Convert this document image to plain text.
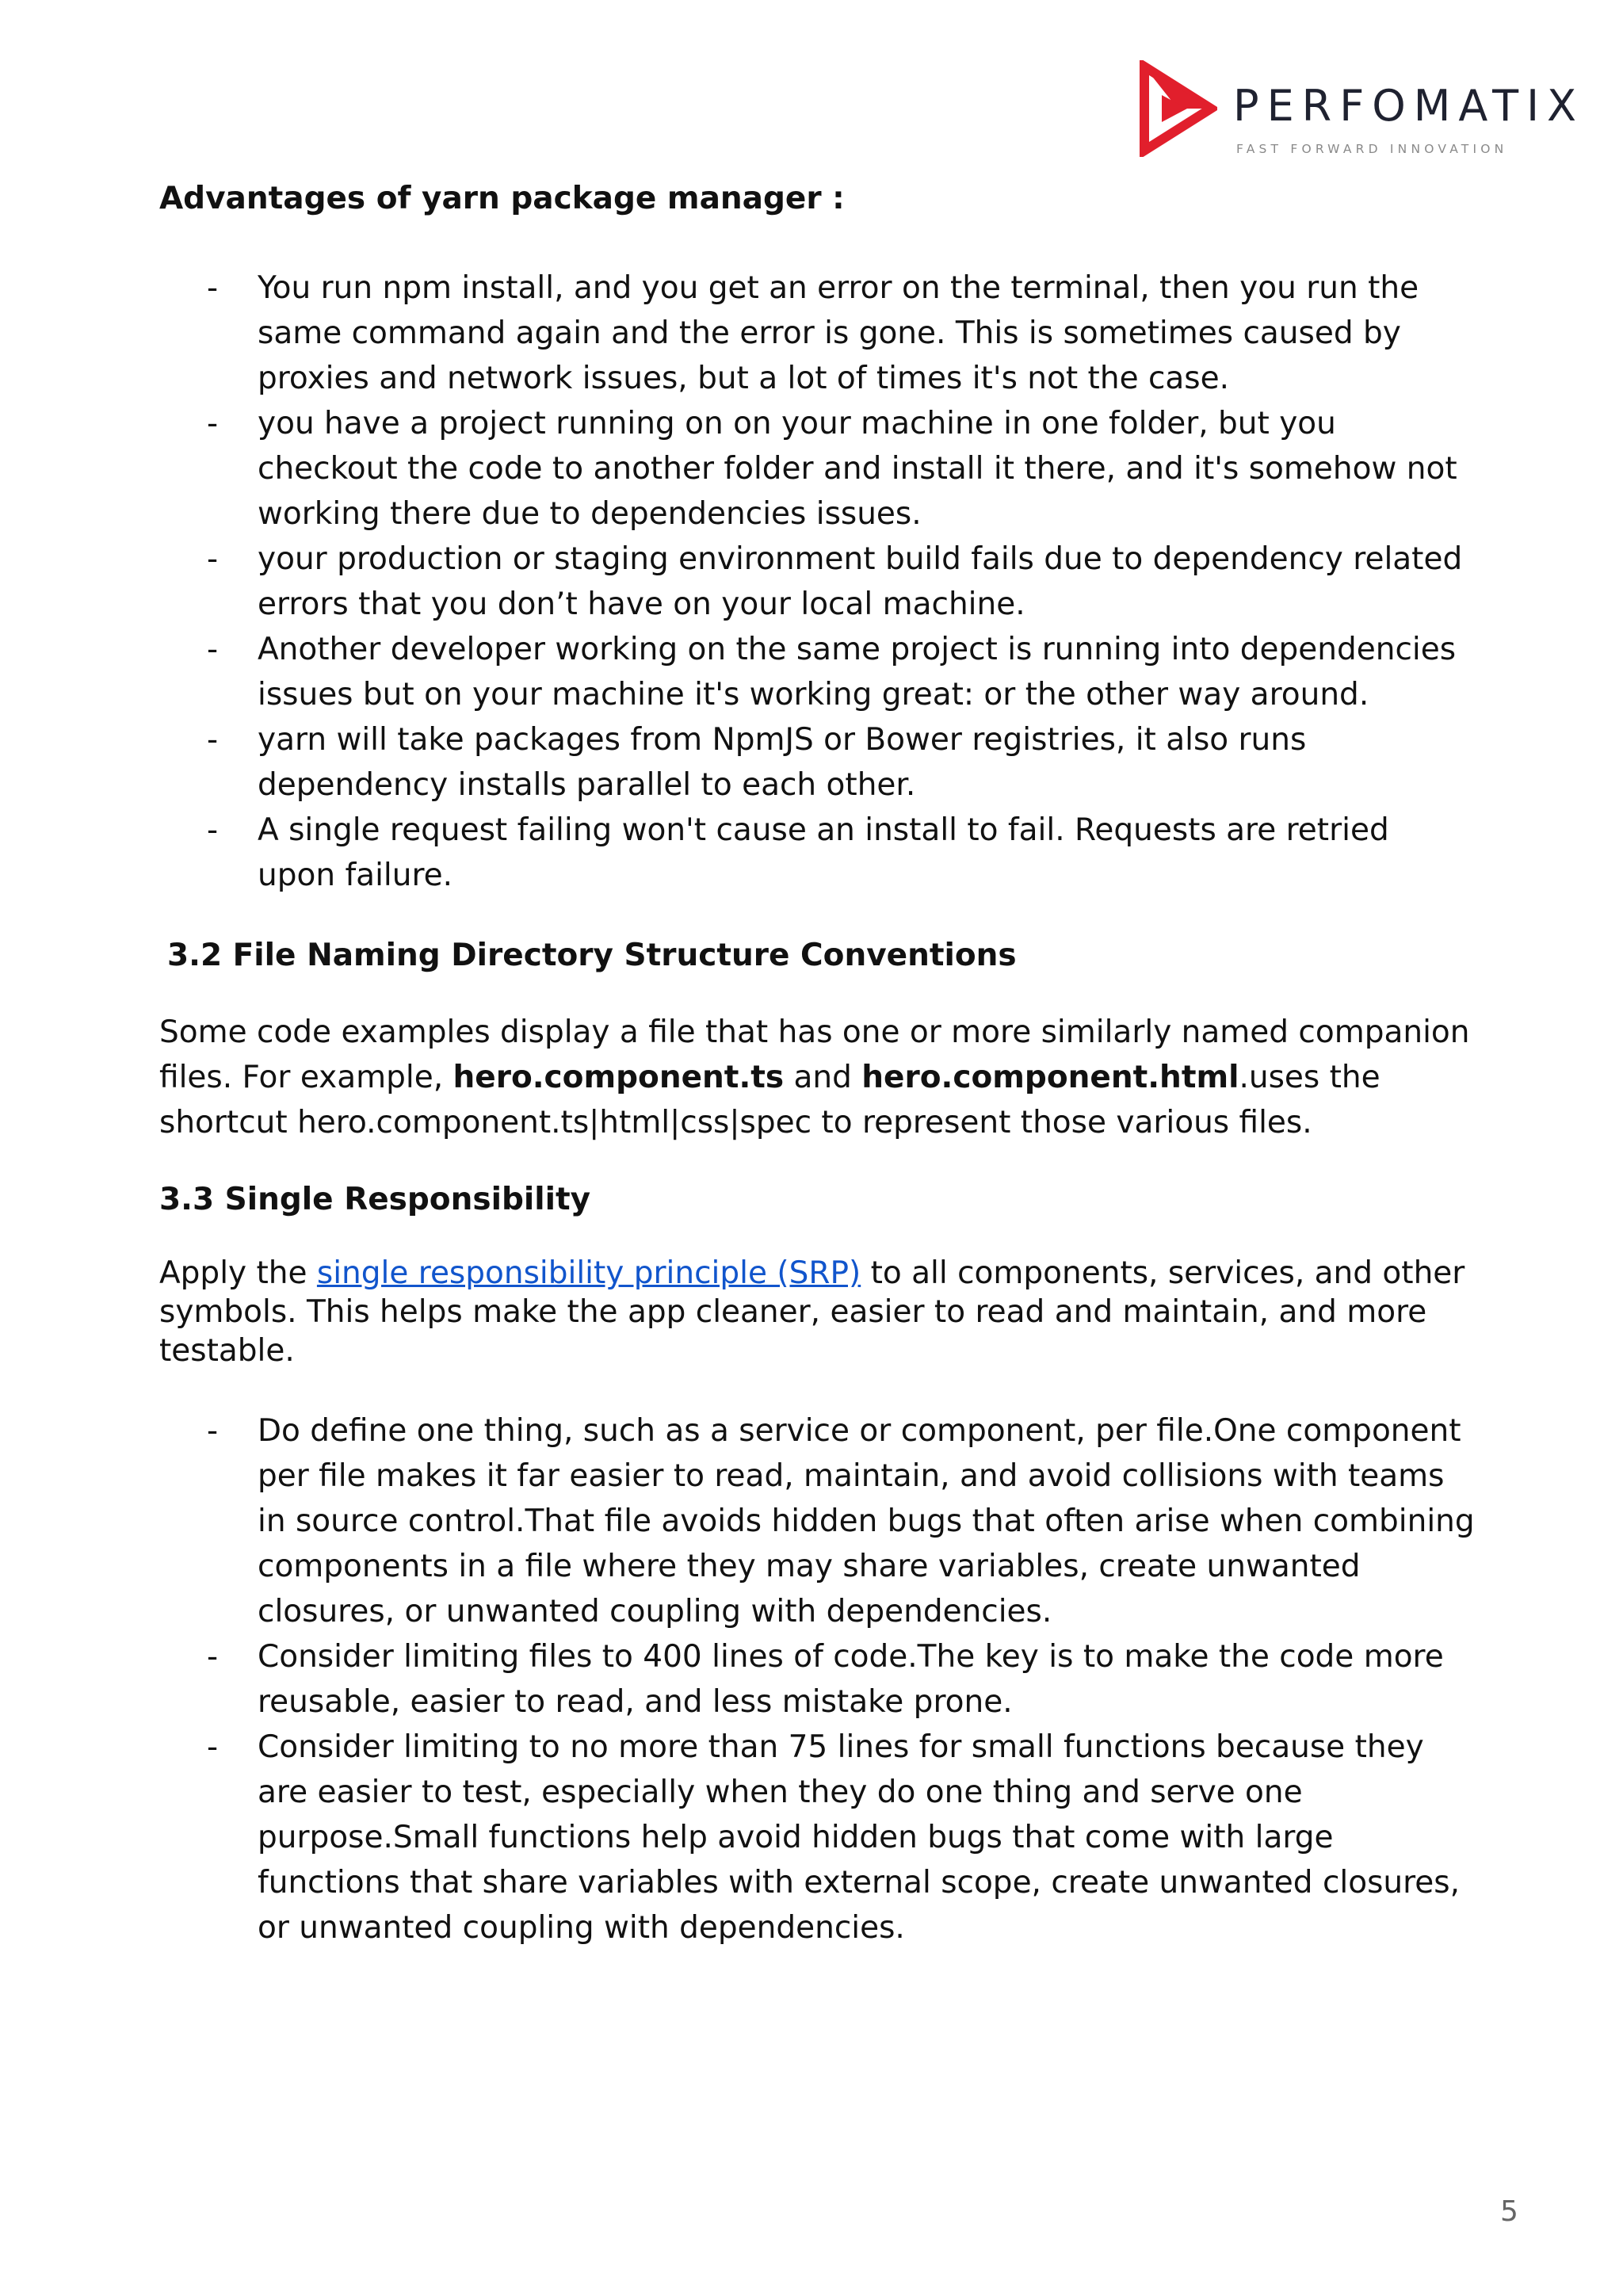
PERFOMATIX
FAST FORWARD INNOVATION
Advantages of yarn package manager :
- You run npm install, and you get an error on the terminal, then you run the same command again and the error is gone. This is sometimes caused by proxies and network issues, but a lot of times it's not the case.
- you have a project running on on your machine in one folder, but you checkout the code to another folder and install it there, and it's somehow not working there due to dependencies issues.
- your production or staging environment build fails due to dependency related errors that you don’t have on your local machine.
- Another developer working on the same project is running into dependencies issues but on your machine it's working great: or the other way around.
- yarn will take packages from NpmJS or Bower registries, it also runs dependency installs parallel to each other.
- A single request failing won't cause an install to fail. Requests are retried upon failure.
3.2 File Naming Directory Structure Conventions

Some code examples display a file that has one or more similarly named companion files. For example, hero.component.ts and hero.component.html.uses the shortcut hero.component.ts|html|css|spec to represent those various files.

3.3 Single Responsibility

Apply the single responsibility principle (SRP) to all components, services, and other symbols. This helps make the app cleaner, easier to read and maintain, and more testable.

- Do define one thing, such as a service or component, per file.One component per file makes it far easier to read, maintain, and avoid collisions with teams in source control.That file avoids hidden bugs that often arise when combining components in a file where they may share variables, create unwanted closures, or unwanted coupling with dependencies.
- Consider limiting files to 400 lines of code.The key is to make the code more reusable, easier to read, and less mistake prone.
- Consider limiting to no more than 75 lines for small functions because they are easier to test, especially when they do one thing and serve one purpose.Small functions help avoid hidden bugs that come with large functions that share variables with external scope, create unwanted closures, or unwanted coupling with dependencies.
5
